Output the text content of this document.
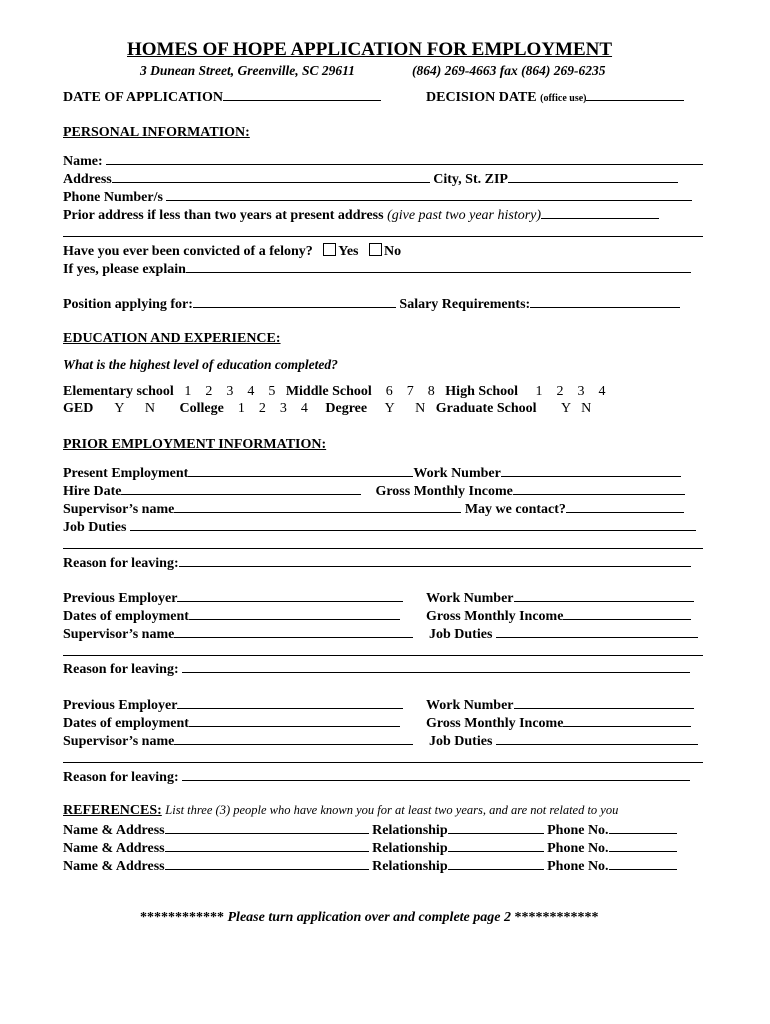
HOMES OF HOPE APPLICATION FOR EMPLOYMENT
3 Dunean Street, Greenville, SC 29611	(864) 269-4663 fax (864) 269-6235
DATE OF APPLICATION	DECISION DATE (office use)
PERSONAL INFORMATION:
Name:
Address	City, St. ZIP
Phone Number/s
Prior address if less than two years at present address (give past two year history)
Have you ever been convicted of a felony? Yes No
If yes, please explain
Position applying for:	Salary Requirements:
EDUCATION AND EXPERIENCE:
What is the highest level of education completed?
Elementary school 1    2    3    4    5 Middle School 6    7    8 High School 1    2    3    4
GED Y      N College 1    2    3    4 Degree Y      N Graduate School Y   N
PRIOR EMPLOYMENT INFORMATION:
Present Employment	Work Number
Hire Date	Gross Monthly Income
Supervisor’s name	May we contact?
Job Duties
Reason for leaving:
Previous Employer	Work Number
Dates of employment	Gross Monthly Income
Supervisor’s name	Job Duties
Reason for leaving:
Previous Employer	Work Number
Dates of employment	Gross Monthly Income
Supervisor’s name	Job Duties
Reason for leaving:
REFERENCES: List three (3) people who have known you for at least two years, and are not related to you
Name & Address	Relationship	Phone No.
Name & Address	Relationship	Phone No.
Name & Address	Relationship	Phone No.
************ Please turn application over and complete page 2 ************
